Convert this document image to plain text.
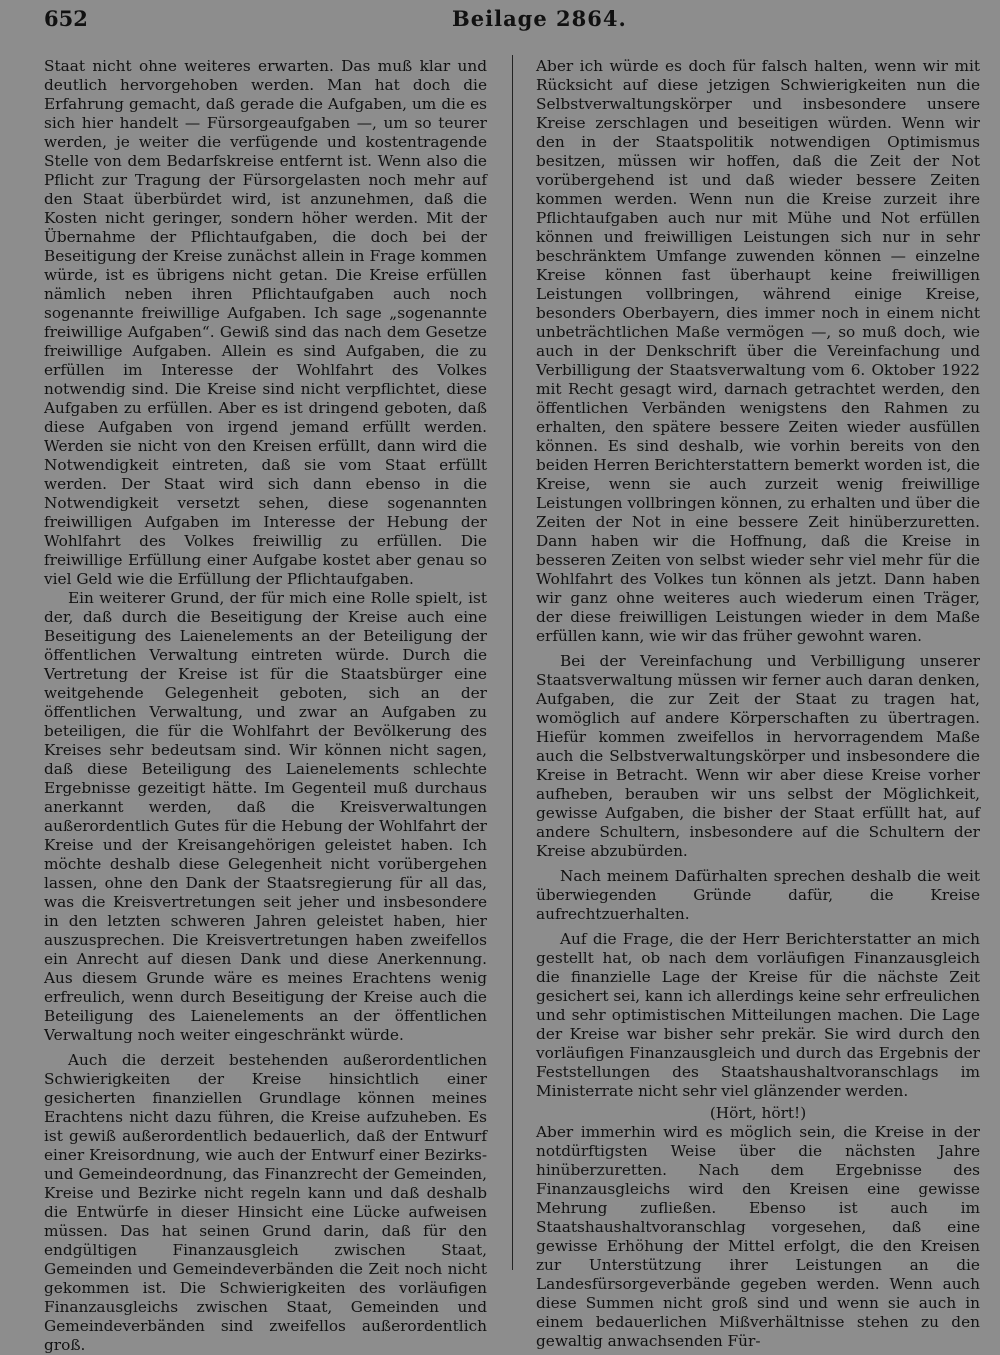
652	Beilage 2864.

Staat nicht ohne weiteres erwarten. Das muß klar und deutlich hervorgehoben werden. Man hat doch die Erfahrung gemacht, daß gerade die Aufgaben, um die es sich hier handelt — Fürsorgeaufgaben —, um so teurer werden, je weiter die verfügende und kostentragende Stelle von dem Bedarfskreise entfernt ist. Wenn also die Pflicht zur Tragung der Fürsorgelasten noch mehr auf den Staat überbürdet wird, ist anzunehmen, daß die Kosten nicht geringer, sondern höher werden. Mit der Übernahme der Pflichtaufgaben, die doch bei der Beseitigung der Kreise zunächst allein in Frage kommen würde, ist es übrigens nicht getan. Die Kreise erfüllen nämlich neben ihren Pflichtaufgaben auch noch sogenannte freiwillige Aufgaben. Ich sage „sogenannte freiwillige Aufgaben“. Gewiß sind das nach dem Gesetze freiwillige Aufgaben. Allein es sind Aufgaben, die zu erfüllen im Interesse der Wohlfahrt des Volkes notwendig sind. Die Kreise sind nicht verpflichtet, diese Aufgaben zu erfüllen. Aber es ist dringend geboten, daß diese Aufgaben von irgend jemand erfüllt werden. Werden sie nicht von den Kreisen erfüllt, dann wird die Notwendigkeit eintreten, daß sie vom Staat erfüllt werden. Der Staat wird sich dann ebenso in die Notwendigkeit versetzt sehen, diese sogenannten freiwilligen Aufgaben im Interesse der Hebung der Wohlfahrt des Volkes freiwillig zu erfüllen. Die freiwillige Erfüllung einer Aufgabe kostet aber genau so viel Geld wie die Erfüllung der Pflichtaufgaben.

Ein weiterer Grund, der für mich eine Rolle spielt, ist der, daß durch die Beseitigung der Kreise auch eine Beseitigung des Laienelements an der Beteiligung der öffentlichen Verwaltung eintreten würde. Durch die Vertretung der Kreise ist für die Staatsbürger eine weitgehende Gelegenheit geboten, sich an der öffentlichen Verwaltung, und zwar an Aufgaben zu beteiligen, die für die Wohlfahrt der Bevölkerung des Kreises sehr bedeutsam sind. Wir können nicht sagen, daß diese Beteiligung des Laienelements schlechte Ergebnisse gezeitigt hätte. Im Gegenteil muß durchaus anerkannt werden, daß die Kreisverwaltungen außerordentlich Gutes für die Hebung der Wohlfahrt der Kreise und der Kreisangehörigen geleistet haben. Ich möchte deshalb diese Gelegenheit nicht vorübergehen lassen, ohne den Dank der Staatsregierung für all das, was die Kreisvertretungen seit jeher und insbesondere in den letzten schweren Jahren geleistet haben, hier auszusprechen. Die Kreisvertretungen haben zweifellos ein Anrecht auf diesen Dank und diese Anerkennung. Aus diesem Grunde wäre es meines Erachtens wenig erfreulich, wenn durch Beseitigung der Kreise auch die Beteiligung des Laienelements an der öffentlichen Verwaltung noch weiter eingeschränkt würde.

Auch die derzeit bestehenden außerordentlichen Schwierigkeiten der Kreise hinsichtlich einer gesicherten finanziellen Grundlage können meines Erachtens nicht dazu führen, die Kreise aufzuheben. Es ist gewiß außerordentlich bedauerlich, daß der Entwurf einer Kreisordnung, wie auch der Entwurf einer Bezirks- und Gemeindeordnung, das Finanzrecht der Gemeinden, Kreise und Bezirke nicht regeln kann und daß deshalb die Entwürfe in dieser Hinsicht eine Lücke aufweisen müssen. Das hat seinen Grund darin, daß für den endgültigen Finanzausgleich zwischen Staat, Gemeinden und Gemeindeverbänden die Zeit noch nicht gekommen ist. Die Schwierigkeiten des vorläufigen Finanzausgleichs zwischen Staat, Gemeinden und Gemeindeverbänden sind zweifellos außerordentlich groß.

Aber ich würde es doch für falsch halten, wenn wir mit Rücksicht auf diese jetzigen Schwierigkeiten nun die Selbstverwaltungskörper und insbesondere unsere Kreise zerschlagen und beseitigen würden. Wenn wir den in der Staatspolitik notwendigen Optimismus besitzen, müssen wir hoffen, daß die Zeit der Not vorübergehend ist und daß wieder bessere Zeiten kommen werden. Wenn nun die Kreise zurzeit ihre Pflichtaufgaben auch nur mit Mühe und Not erfüllen können und freiwilligen Leistungen sich nur in sehr beschränktem Umfange zuwenden können — einzelne Kreise können fast überhaupt keine freiwilligen Leistungen vollbringen, während einige Kreise, besonders Oberbayern, dies immer noch in einem nicht unbeträchtlichen Maße vermögen —, so muß doch, wie auch in der Denkschrift über die Vereinfachung und Verbilligung der Staatsverwaltung vom 6. Oktober 1922 mit Recht gesagt wird, darnach getrachtet werden, den öffentlichen Verbänden wenigstens den Rahmen zu erhalten, den spätere bessere Zeiten wieder ausfüllen können. Es sind deshalb, wie vorhin bereits von den beiden Herren Berichterstattern bemerkt worden ist, die Kreise, wenn sie auch zurzeit wenig freiwillige Leistungen vollbringen können, zu erhalten und über die Zeiten der Not in eine bessere Zeit hinüberzuretten. Dann haben wir die Hoffnung, daß die Kreise in besseren Zeiten von selbst wieder sehr viel mehr für die Wohlfahrt des Volkes tun können als jetzt. Dann haben wir ganz ohne weiteres auch wiederum einen Träger, der diese freiwilligen Leistungen wieder in dem Maße erfüllen kann, wie wir das früher gewohnt waren.

Bei der Vereinfachung und Verbilligung unserer Staatsverwaltung müssen wir ferner auch daran denken, Aufgaben, die zur Zeit der Staat zu tragen hat, womöglich auf andere Körperschaften zu übertragen. Hiefür kommen zweifellos in hervorragendem Maße auch die Selbstverwaltungskörper und insbesondere die Kreise in Betracht. Wenn wir aber diese Kreise vorher aufheben, berauben wir uns selbst der Möglichkeit, gewisse Aufgaben, die bisher der Staat erfüllt hat, auf andere Schultern, insbesondere auf die Schultern der Kreise abzubürden.

Nach meinem Dafürhalten sprechen deshalb die weit überwiegenden Gründe dafür, die Kreise aufrechtzuerhalten.

Auf die Frage, die der Herr Berichterstatter an mich gestellt hat, ob nach dem vorläufigen Finanzausgleich die finanzielle Lage der Kreise für die nächste Zeit gesichert sei, kann ich allerdings keine sehr erfreulichen und sehr optimistischen Mitteilungen machen. Die Lage der Kreise war bisher sehr prekär. Sie wird durch den vorläufigen Finanzausgleich und durch das Ergebnis der Feststellungen des Staatshaushaltvoranschlags im Ministerrate nicht sehr viel glänzender werden.

(Hört, hört!)

Aber immerhin wird es möglich sein, die Kreise in der notdürftigsten Weise über die nächsten Jahre hinüberzuretten. Nach dem Ergebnisse des Finanzausgleichs wird den Kreisen eine gewisse Mehrung zufließen. Ebenso ist auch im Staatshaushaltvoranschlag vorgesehen, daß eine gewisse Erhöhung der Mittel erfolgt, die den Kreisen zur Unterstützung ihrer Leistungen an die Landesfürsorgeverbände gegeben werden. Wenn auch diese Summen nicht groß sind und wenn sie auch in einem bedauerlichen Mißverhältnisse stehen zu den gewaltig anwachsenden Für-
